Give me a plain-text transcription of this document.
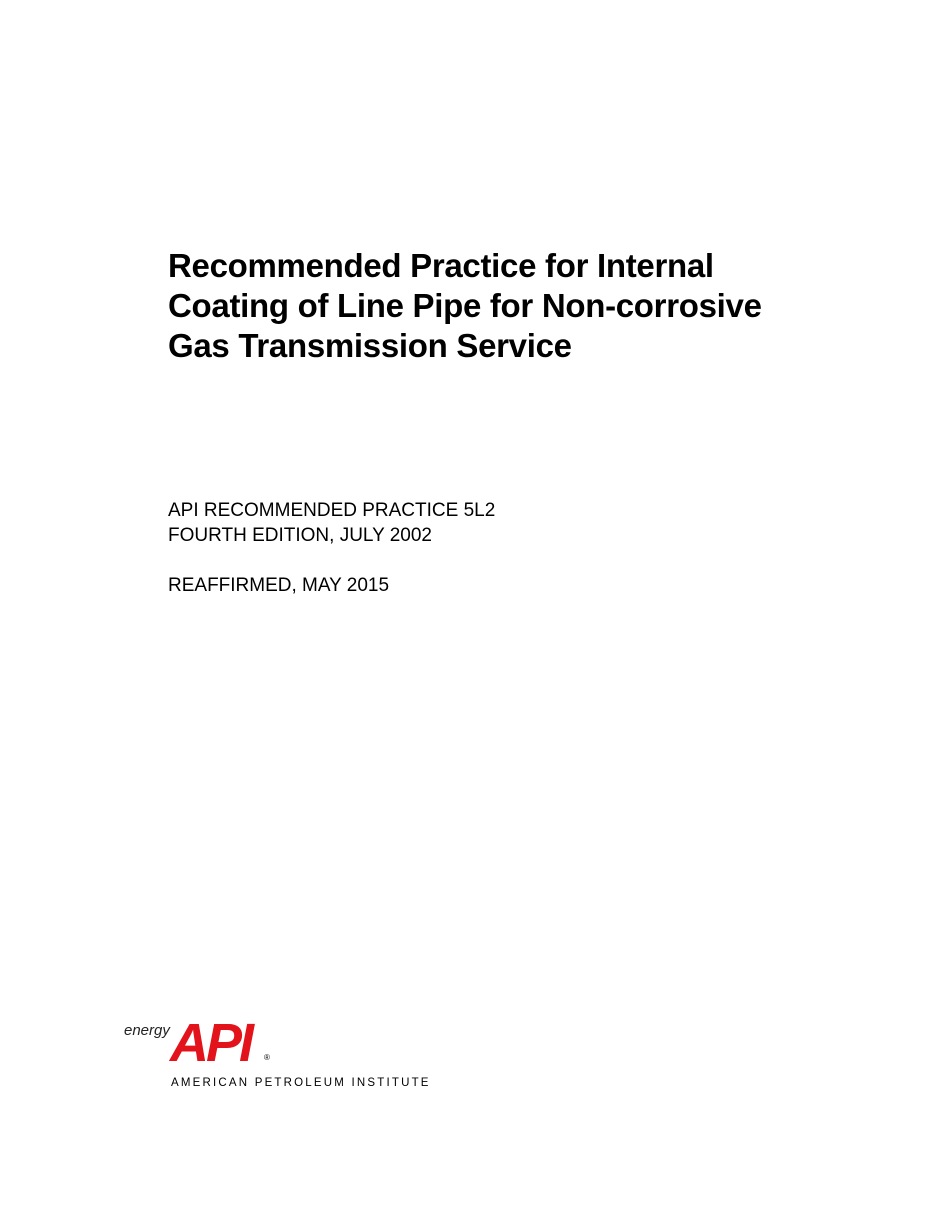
Recommended Practice for Internal
Coating of Line Pipe for Non-corrosive
Gas Transmission Service
API RECOMMENDED PRACTICE 5L2
FOURTH EDITION, JULY 2002
REAFFIRMED, MAY 2015
energy API	®
AMERICAN PETROLEUM INSTITUTE
